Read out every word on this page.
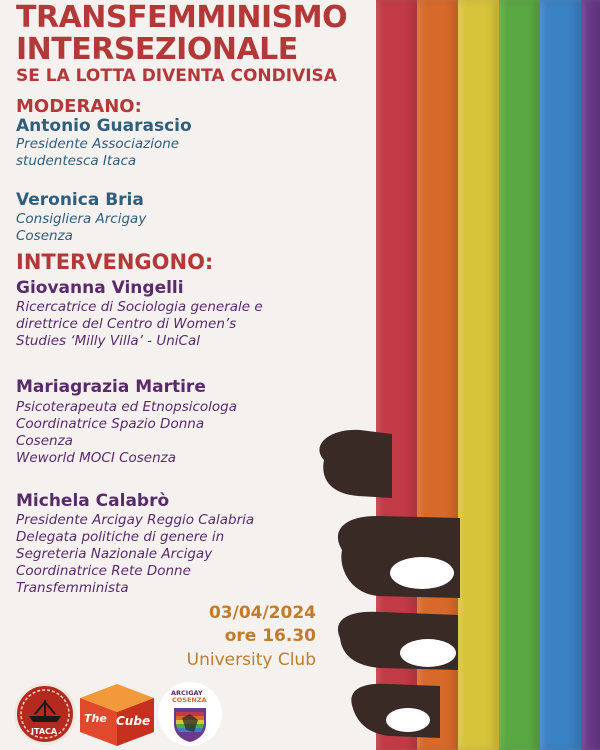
TRANSFEMMINISMO
INTERSEZIONALE
SE LA LOTTA DIVENTA CONDIVISA
MODERANO:
Antonio Guarascio
Presidente Associazione
studentesca Itaca
Veronica Bria
Consigliera Arcigay
Cosenza
INTERVENGONO:
Giovanna Vingelli
Ricercatrice di Sociologia generale e
direttrice del Centro di Women’s
Studies ‘Milly Villa’ - UniCal
Mariagrazia Martire
Psicoterapeuta ed Etnopsicologa
Coordinatrice Spazio Donna
Cosenza
Weworld MOCI Cosenza
Michela Calabrò
Presidente Arcigay Reggio Calabria
Delegata politiche di genere in
Segreteria Nazionale Arcigay
Coordinatrice Rete Donne
Transfemminista
03/04/2024
ore 16.30
University Club
ITACA
The Cube
ARCIGAY
COSENZA
